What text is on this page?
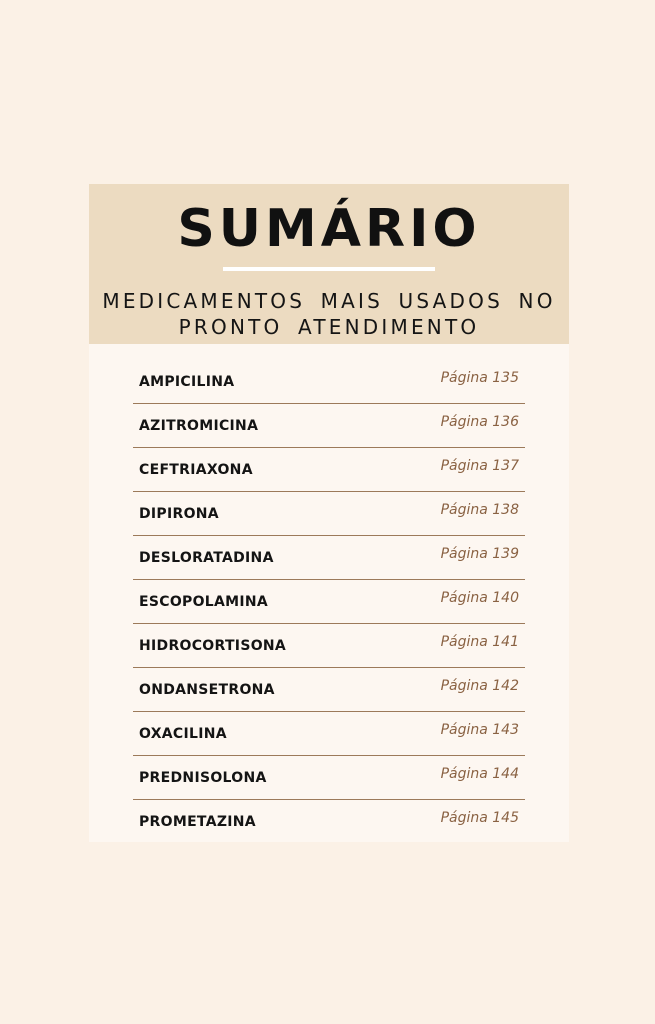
SUMÁRIO
MEDICAMENTOS MAIS USADOS NO
PRONTO ATENDIMENTO
AMPICILINA	Página 135
AZITROMICINA	Página 136
CEFTRIAXONA	Página 137
DIPIRONA	Página 138
DESLORATADINA	Página 139
ESCOPOLAMINA	Página 140
HIDROCORTISONA	Página 141
ONDANSETRONA	Página 142
OXACILINA	Página 143
PREDNISOLONA	Página 144
PROMETAZINA	Página 145
